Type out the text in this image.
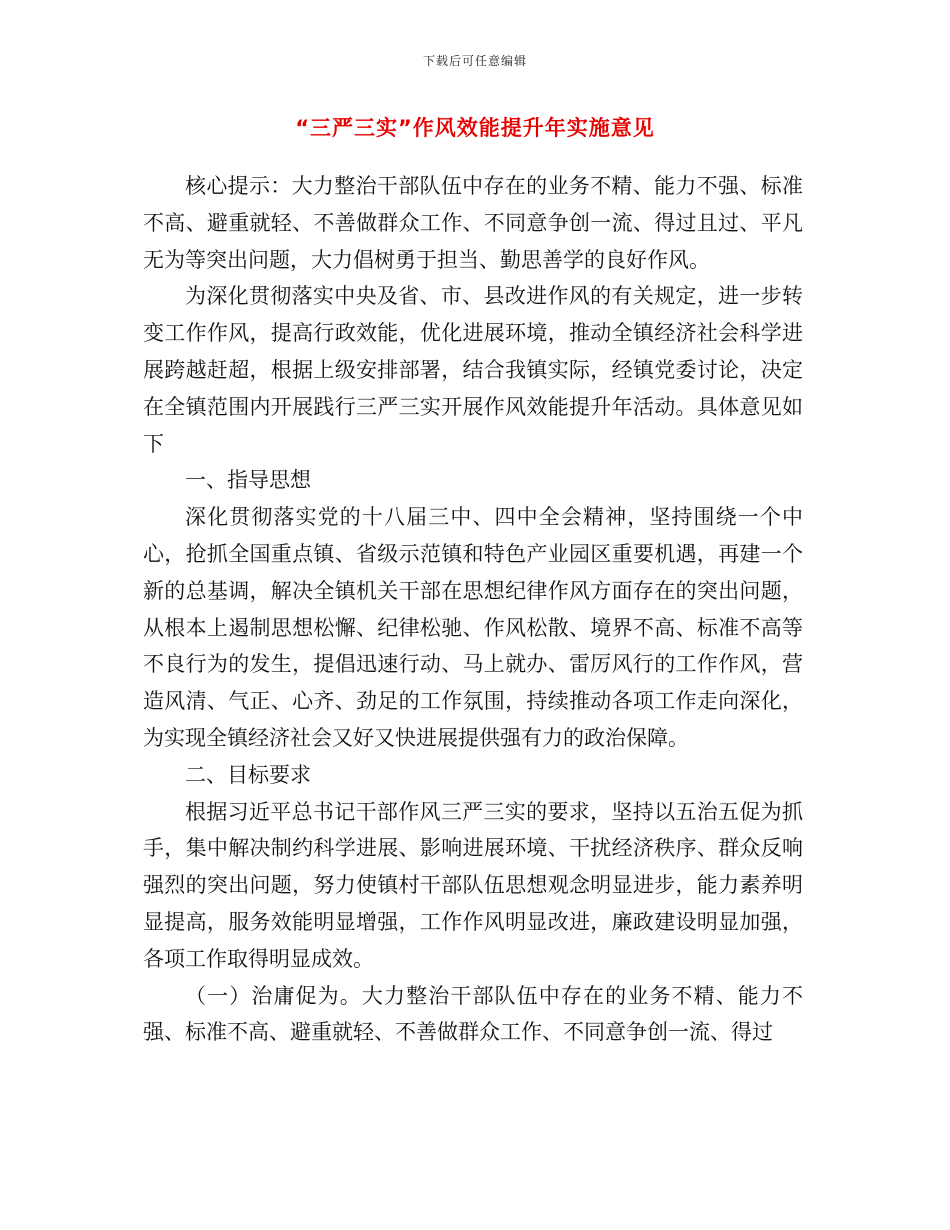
下载后可任意编辑
“三严三实”作风效能提升年实施意见

核心提示：大力整治干部队伍中存在的业务不精、能力不强、标准不高、避重就轻、不善做群众工作、不同意争创一流、得过且过、平凡无为等突出问题，大力倡树勇于担当、勤思善学的良好作风。

为深化贯彻落实中央及省、市、县改进作风的有关规定，进一步转变工作作风，提高行政效能，优化进展环境，推动全镇经济社会科学进展跨越赶超，根据上级安排部署，结合我镇实际，经镇党委讨论，决定在全镇范围内开展践行三严三实开展作风效能提升年活动。具体意见如下

一、指导思想

深化贯彻落实党的十八届三中、四中全会精神，坚持围绕一个中心，抢抓全国重点镇、省级示范镇和特色产业园区重要机遇，再建一个新的总基调，解决全镇机关干部在思想纪律作风方面存在的突出问题，从根本上遏制思想松懈、纪律松驰、作风松散、境界不高、标准不高等不良行为的发生，提倡迅速行动、马上就办、雷厉风行的工作作风，营造风清、气正、心齐、劲足的工作氛围，持续推动各项工作走向深化，为实现全镇经济社会又好又快进展提供强有力的政治保障。

二、目标要求

根据习近平总书记干部作风三严三实的要求，坚持以五治五促为抓手，集中解决制约科学进展、影响进展环境、干扰经济秩序、群众反响强烈的突出问题，努力使镇村干部队伍思想观念明显进步，能力素养明显提高，服务效能明显增强，工作作风明显改进，廉政建设明显加强，各项工作取得明显成效。

（一）治庸促为。大力整治干部队伍中存在的业务不精、能力不强、标准不高、避重就轻、不善做群众工作、不同意争创一流、得过
